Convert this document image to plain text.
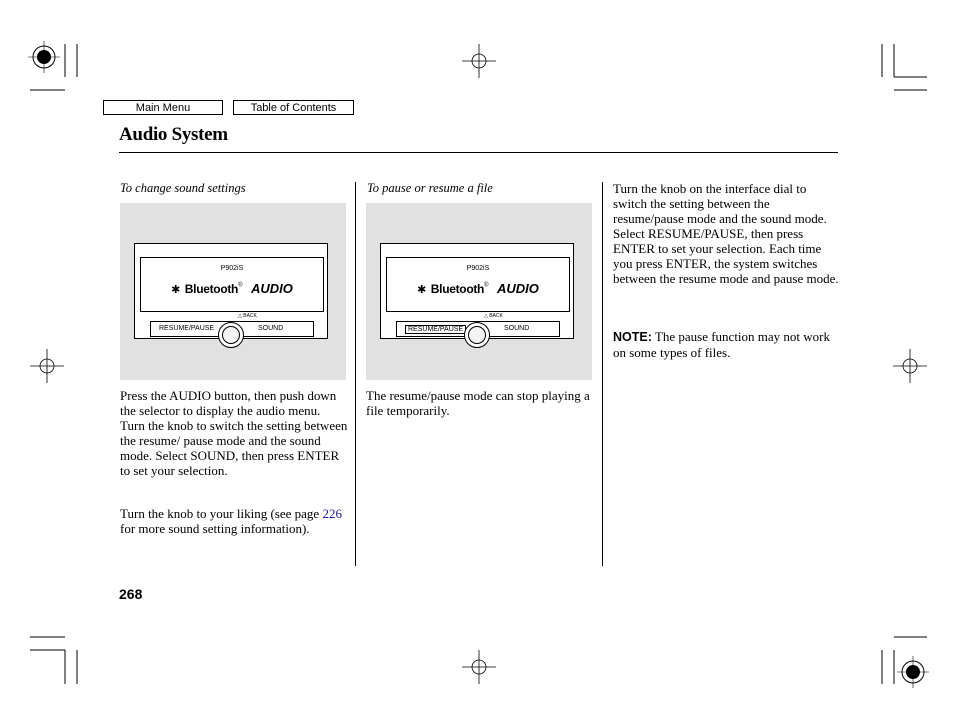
Main Menu	Table of Contents
Audio System
To change sound settings
P902iS
✱ Bluetooth® AUDIO
△ BACK
RESUME/PAUSE	SOUND
Press the AUDIO button, then push down the selector to display the audio menu. Turn the knob to switch the setting between the resume/ pause mode and the sound mode. Select SOUND, then press ENTER to set your selection.
Turn the knob to your liking (see page 226 for more sound setting information).
To pause or resume a file
P902iS
✱ Bluetooth® AUDIO
△ BACK
RESUME/PAUSE	SOUND
The resume/pause mode can stop playing a file temporarily.
Turn the knob on the interface dial to switch the setting between the resume/pause mode and the sound mode. Select RESUME/PAUSE, then press ENTER to set your selection. Each time you press ENTER, the system switches between the resume mode and pause mode.
NOTE: The pause function may not work on some types of files.
268
